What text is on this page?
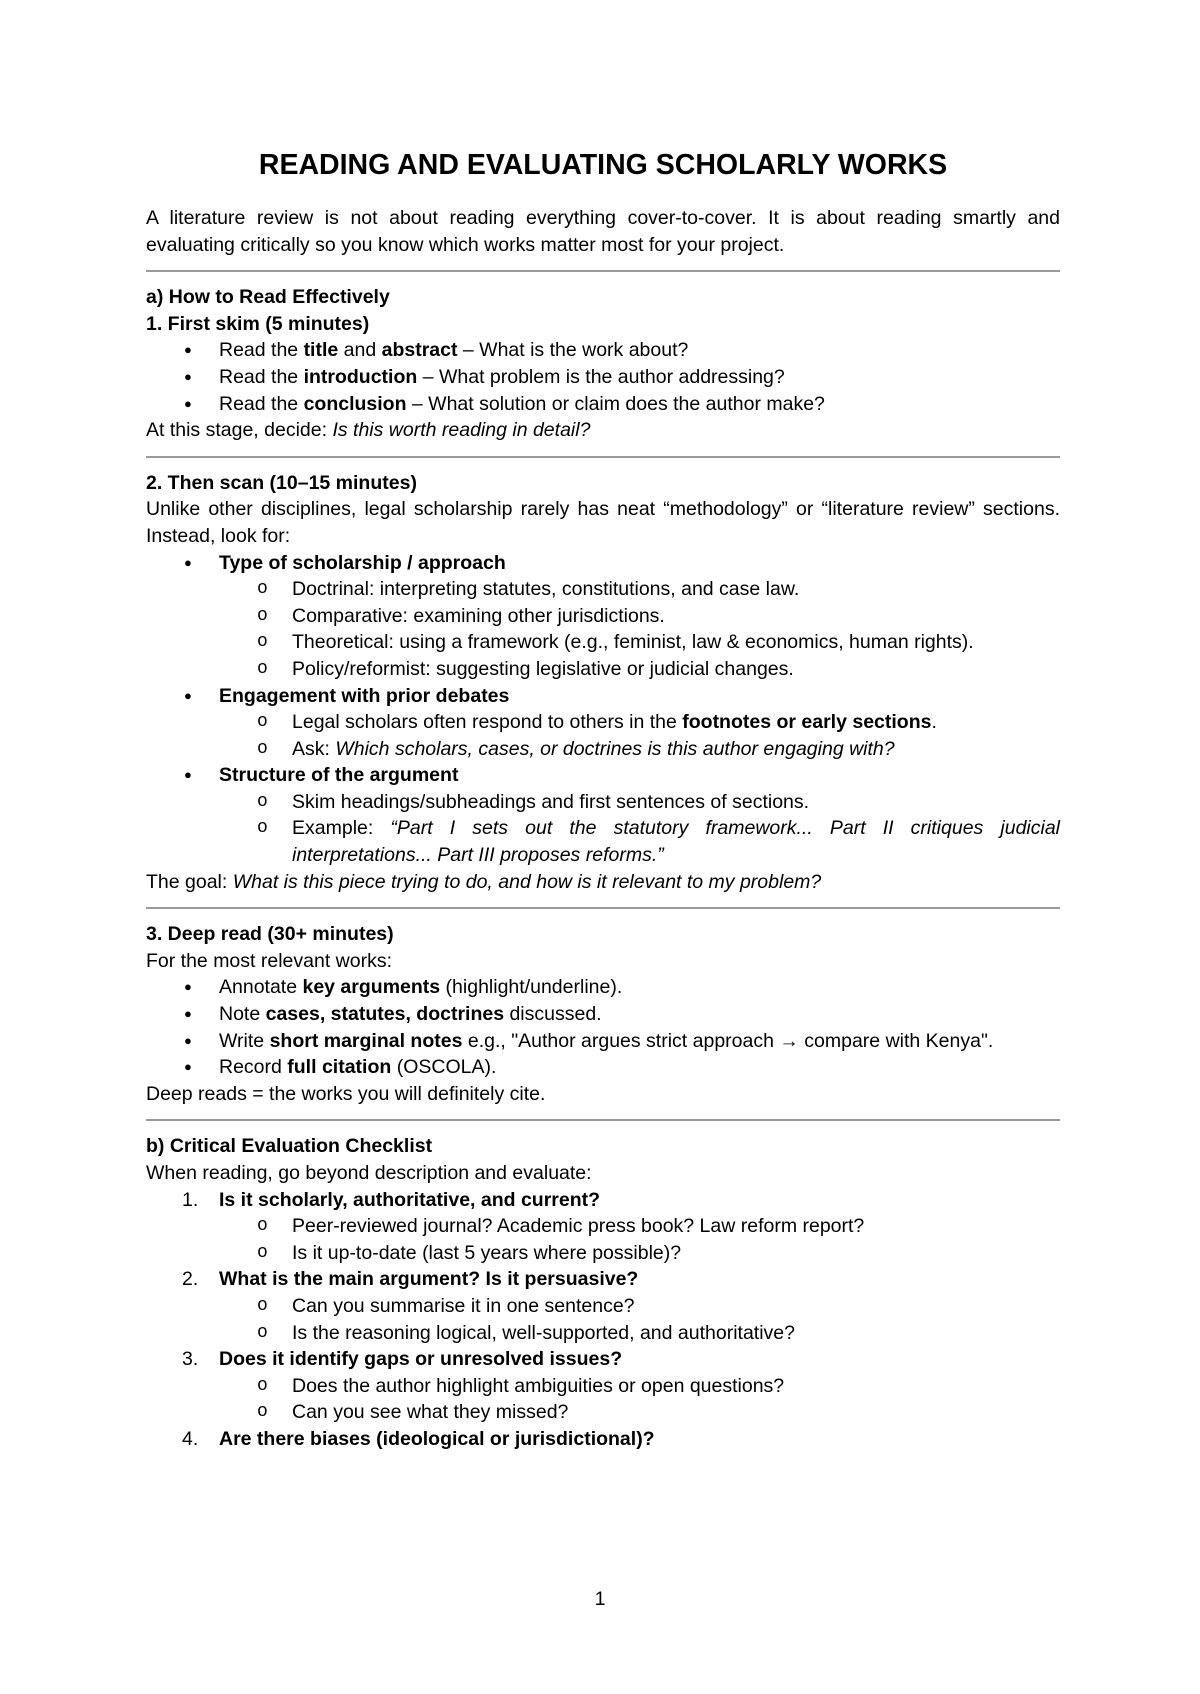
READING AND EVALUATING SCHOLARLY WORKS

A literature review is not about reading everything cover-to-cover. It is about reading smartly and evaluating critically so you know which works matter most for your project.

a) How to Read Effectively

1. First skim (5 minutes)

● Read the title and abstract – What is the work about?
● Read the introduction – What problem is the author addressing?
● Read the conclusion – What solution or claim does the author make?

At this stage, decide: Is this worth reading in detail?

2. Then scan (10–15 minutes)

Unlike other disciplines, legal scholarship rarely has neat “methodology” or “literature review” sections. Instead, look for:

● Type of scholarship / approach
o Doctrinal: interpreting statutes, constitutions, and case law.
o Comparative: examining other jurisdictions.
o Theoretical: using a framework (e.g., feminist, law & economics, human rights).
o Policy/reformist: suggesting legislative or judicial changes.
● Engagement with prior debates
o Legal scholars often respond to others in the footnotes or early sections.
o Ask: Which scholars, cases, or doctrines is this author engaging with?
● Structure of the argument
o Skim headings/subheadings and first sentences of sections.
o Example: “Part I sets out the statutory framework... Part II critiques judicial interpretations... Part III proposes reforms.”

The goal: What is this piece trying to do, and how is it relevant to my problem?

3. Deep read (30+ minutes)

For the most relevant works:

● Annotate key arguments (highlight/underline).
● Note cases, statutes, doctrines discussed.
● Write short marginal notes e.g., "Author argues strict approach → compare with Kenya".
● Record full citation (OSCOLA).

Deep reads = the works you will definitely cite.

b) Critical Evaluation Checklist

When reading, go beyond description and evaluate:

1. Is it scholarly, authoritative, and current?
o Peer-reviewed journal? Academic press book? Law reform report?
o Is it up-to-date (last 5 years where possible)?
2. What is the main argument? Is it persuasive?
o Can you summarise it in one sentence?
o Is the reasoning logical, well-supported, and authoritative?
3. Does it identify gaps or unresolved issues?
o Does the author highlight ambiguities or open questions?
o Can you see what they missed?
4. Are there biases (ideological or jurisdictional)?
1
